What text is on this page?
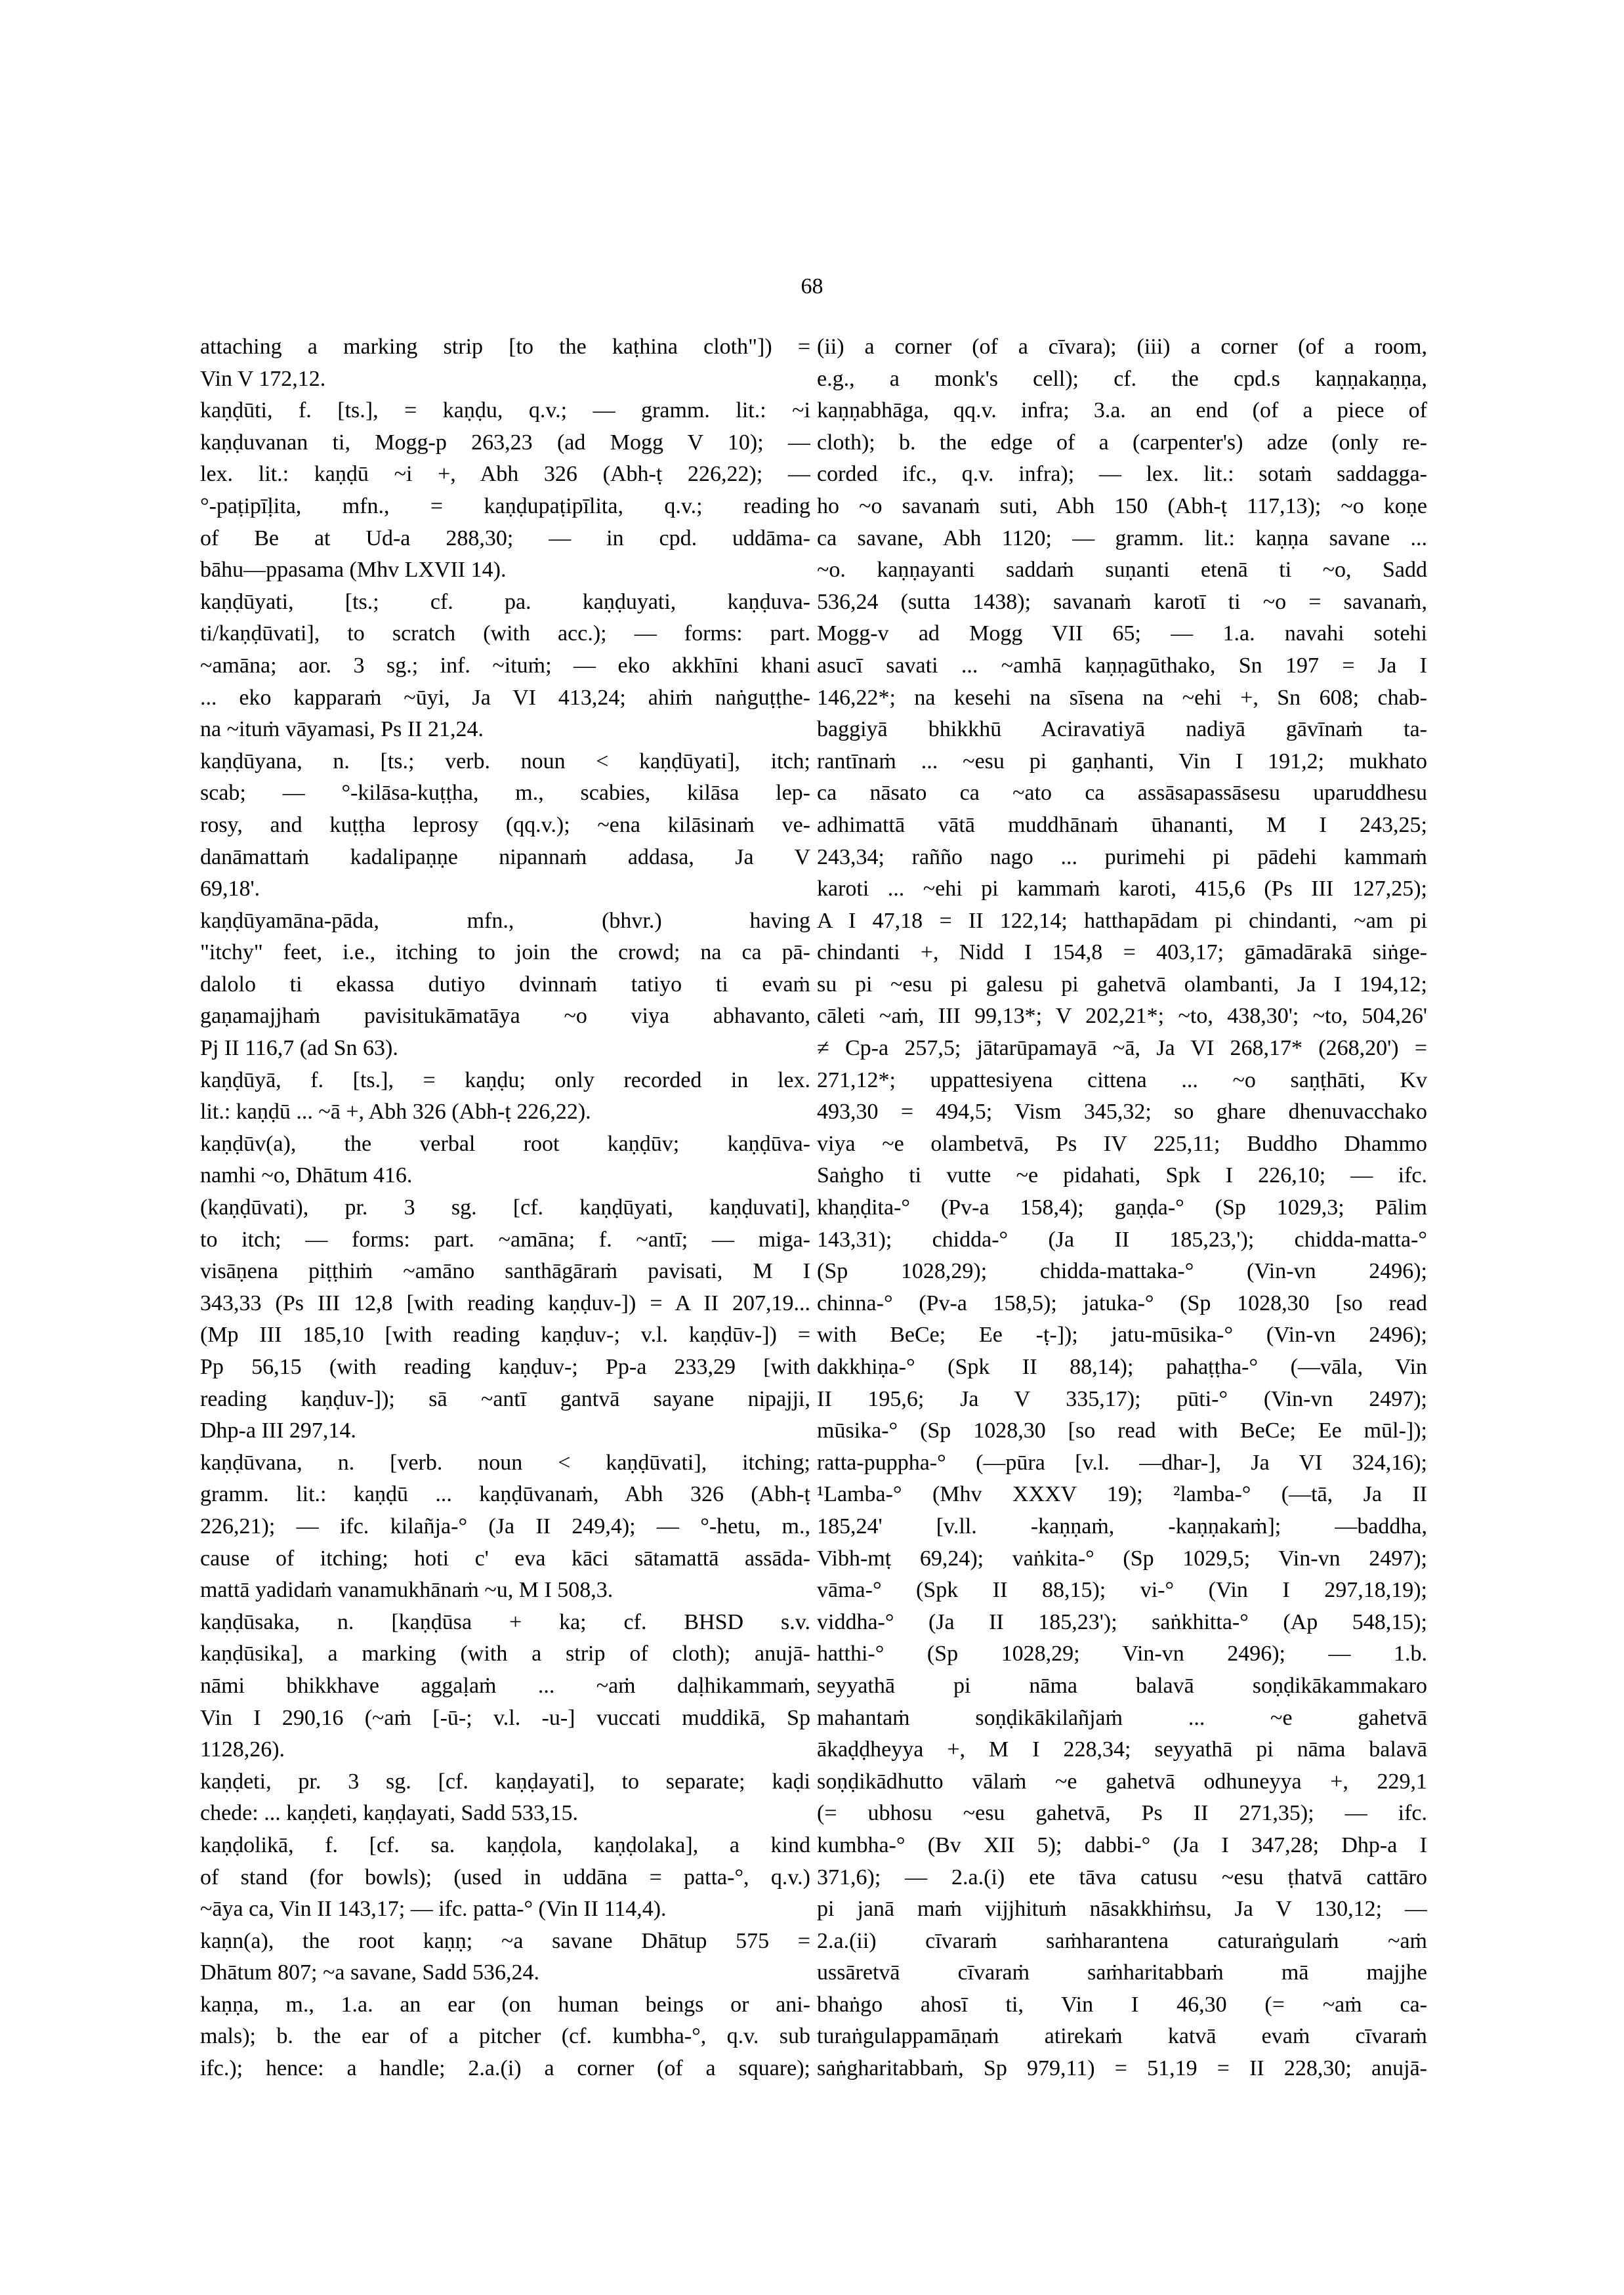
68
attaching a marking strip [to the kaṭhina cloth"]) =
Vin V 172,12.
kaṇḍūti, f. [ts.], = kaṇḍu, q.v.; — gramm. lit.: ~i
kaṇḍuvanan ti, Mogg-p 263,23 (ad Mogg V 10); —
lex. lit.: kaṇḍū ~i +, Abh 326 (Abh-ṭ 226,22); —
°-paṭipīḷita, mfn., = kaṇḍupaṭipīlita, q.v.; reading
of Be at Ud-a 288,30; — in cpd. uddāma-
bāhu—ppasama (Mhv LXVII 14).
kaṇḍūyati, [ts.; cf. pa. kaṇḍuyati, kaṇḍuva-
ti/kaṇḍūvati], to scratch (with acc.); — forms: part.
~amāna; aor. 3 sg.; inf. ~ituṁ; — eko akkhīni khani
... eko kapparaṁ ~ūyi, Ja VI 413,24; ahiṁ naṅguṭṭhe-
na ~ituṁ vāyamasi, Ps II 21,24.
kaṇḍūyana, n. [ts.; verb. noun < kaṇḍūyati], itch;
scab; — °-kilāsa-kuṭṭha, m., scabies, kilāsa lep-
rosy, and kuṭṭha leprosy (qq.v.); ~ena kilāsinaṁ ve-
danāmattaṁ kadalipaṇṇe nipannaṁ addasa, Ja V
69,18'.
kaṇḍūyamāna-pāda, mfn., (bhvr.) having
"itchy" feet, i.e., itching to join the crowd; na ca pā-
dalolo ti ekassa dutiyo dvinnaṁ tatiyo ti evaṁ
gaṇamajjhaṁ pavisitukāmatāya ~o viya abhavanto,
Pj II 116,7 (ad Sn 63).
kaṇḍūyā, f. [ts.], = kaṇḍu; only recorded in lex.
lit.: kaṇḍū ... ~ā +, Abh 326 (Abh-ṭ 226,22).
kaṇḍūv(a), the verbal root kaṇḍūv; kaṇḍūva-
namhi ~o, Dhātum 416.
(kaṇḍūvati), pr. 3 sg. [cf. kaṇḍūyati, kaṇḍuvati],
to itch; — forms: part. ~amāna; f. ~antī; — miga-
visāṇena piṭṭhiṁ ~amāno santhāgāraṁ pavisati, M I
343,33 (Ps III 12,8 [with reading kaṇḍuv-]) = A II 207,19...
(Mp III 185,10 [with reading kaṇḍuv-; v.l. kaṇḍūv-]) =
Pp 56,15 (with reading kaṇḍuv-; Pp-a 233,29 [with
reading kaṇḍuv-]); sā ~antī gantvā sayane nipajji,
Dhp-a III 297,14.
kaṇḍūvana, n. [verb. noun < kaṇḍūvati], itching;
gramm. lit.: kaṇḍū ... kaṇḍūvanaṁ, Abh 326 (Abh-ṭ
226,21); — ifc. kilañja-° (Ja II 249,4); — °-hetu, m.,
cause of itching; hoti c' eva kāci sātamattā assāda-
mattā yadidaṁ vanamukhānaṁ ~u, M I 508,3.
kaṇḍūsaka, n. [kaṇḍūsa + ka; cf. BHSD s.v.
kaṇḍūsika], a marking (with a strip of cloth); anujā-
nāmi bhikkhave aggaḷaṁ ... ~aṁ daḷhikammaṁ,
Vin I 290,16 (~aṁ [-ū-; v.l. -u-] vuccati muddikā, Sp
1128,26).
kaṇḍeti, pr. 3 sg. [cf. kaṇḍayati], to separate; kaḍi
chede: ... kaṇḍeti, kaṇḍayati, Sadd 533,15.
kaṇḍolikā, f. [cf. sa. kaṇḍola, kaṇḍolaka], a kind
of stand (for bowls); (used in uddāna = patta-°, q.v.)
~āya ca, Vin II 143,17; — ifc. patta-° (Vin II 114,4).
kaṇn(a), the root kaṇṇ; ~a savane Dhātup 575 =
Dhātum 807; ~a savane, Sadd 536,24.
kaṇṇa, m., 1.a. an ear (on human beings or ani-
mals); b. the ear of a pitcher (cf. kumbha-°, q.v. sub
ifc.); hence: a handle; 2.a.(i) a corner (of a square);
(ii) a corner (of a cīvara); (iii) a corner (of a room,
e.g., a monk's cell); cf. the cpd.s kaṇṇakaṇṇa,
kaṇṇabhāga, qq.v. infra; 3.a. an end (of a piece of
cloth); b. the edge of a (carpenter's) adze (only re-
corded ifc., q.v. infra); — lex. lit.: sotaṁ saddagga-
ho ~o savanaṁ suti, Abh 150 (Abh-ṭ 117,13); ~o koṇe
ca savane, Abh 1120; — gramm. lit.: kaṇṇa savane ...
~o. kaṇṇayanti saddaṁ suṇanti etenā ti ~o, Sadd
536,24 (sutta 1438); savanaṁ karotī ti ~o = savanaṁ,
Mogg-v ad Mogg VII 65; — 1.a. navahi sotehi
asucī savati ... ~amhā kaṇṇagūthako, Sn 197 = Ja I
146,22*; na kesehi na sīsena na ~ehi +, Sn 608; chab-
baggiyā bhikkhū Aciravatiyā nadiyā gāvīnaṁ ta-
rantīnaṁ ... ~esu pi gaṇhanti, Vin I 191,2; mukhato
ca nāsato ca ~ato ca assāsapassāsesu uparuddhesu
adhimattā vātā muddhānaṁ ūhananti, M I 243,25;
243,34; rañño nago ... purimehi pi pādehi kammaṁ
karoti ... ~ehi pi kammaṁ karoti, 415,6 (Ps III 127,25);
A I 47,18 = II 122,14; hatthapādam pi chindanti, ~am pi
chindanti +, Nidd I 154,8 = 403,17; gāmadārakā siṅge-
su pi ~esu pi galesu pi gahetvā olambanti, Ja I 194,12;
cāleti ~aṁ, III 99,13*; V 202,21*; ~to, 438,30'; ~to, 504,26'
≠ Cp-a 257,5; jātarūpamayā ~ā, Ja VI 268,17* (268,20') =
271,12*; uppattesiyena cittena ... ~o saṇṭhāti, Kv
493,30 = 494,5; Vism 345,32; so ghare dhenuvacchako
viya ~e olambetvā, Ps IV 225,11; Buddho Dhammo
Saṅgho ti vutte ~e pidahati, Spk I 226,10; — ifc.
khaṇḍita-° (Pv-a 158,4); gaṇḍa-° (Sp 1029,3; Pālim
143,31); chidda-° (Ja II 185,23,'); chidda-matta-°
(Sp 1028,29); chidda-mattaka-° (Vin-vn 2496);
chinna-° (Pv-a 158,5); jatuka-° (Sp 1028,30 [so read
with BeCe; Ee -ṭ-]); jatu-mūsika-° (Vin-vn 2496);
dakkhiṇa-° (Spk II 88,14); pahaṭṭha-° (—vāla, Vin
II 195,6; Ja V 335,17); pūti-° (Vin-vn 2497);
mūsika-° (Sp 1028,30 [so read with BeCe; Ee mūl-]);
ratta-puppha-° (—pūra [v.l. —dhar-], Ja VI 324,16);
¹Lamba-° (Mhv XXXV 19); ²lamba-° (—tā, Ja II
185,24' [v.ll. -kaṇṇaṁ, -kaṇṇakaṁ]; —baddha,
Vibh-mṭ 69,24); vaṅkita-° (Sp 1029,5; Vin-vn 2497);
vāma-° (Spk II 88,15); vi-° (Vin I 297,18,19);
viddha-° (Ja II 185,23'); saṅkhitta-° (Ap 548,15);
hatthi-° (Sp 1028,29; Vin-vn 2496); — 1.b.
seyyathā pi nāma balavā soṇḍikākammakaro
mahantaṁ soṇḍikākilañjaṁ ... ~e gahetvā
ākaḍḍheyya +, M I 228,34; seyyathā pi nāma balavā
soṇḍikādhutto vālaṁ ~e gahetvā odhuneyya +, 229,1
(= ubhosu ~esu gahetvā, Ps II 271,35); — ifc.
kumbha-° (Bv XII 5); dabbi-° (Ja I 347,28; Dhp-a I
371,6); — 2.a.(i) ete tāva catusu ~esu ṭhatvā cattāro
pi janā maṁ vijjhituṁ nāsakkhiṁsu, Ja V 130,12; —
2.a.(ii) cīvaraṁ saṁharantena caturaṅgulaṁ ~aṁ
ussāretvā cīvaraṁ saṁharitabbaṁ mā majjhe
bhaṅgo ahosī ti, Vin I 46,30 (= ~aṁ ca-
turaṅgulappamāṇaṁ atirekaṁ katvā evaṁ cīvaraṁ
saṅgharitabbaṁ, Sp 979,11) = 51,19 = II 228,30; anujā-
